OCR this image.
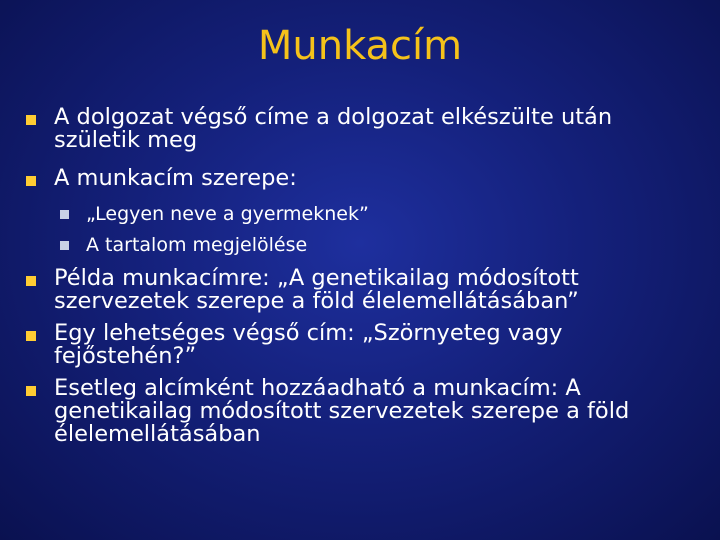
Munkacím
A dolgozat végső címe a dolgozat elkészülte után születik meg
A munkacím szerepe:
„Legyen neve a gyermeknek”
A tartalom megjelölése
Példa munkacímre: „A genetikailag módosított szervezetek szerepe a föld élelemellátásában”
Egy lehetséges végső cím: „Szörnyeteg vagy fejőstehén?”
Esetleg alcímként hozzáadható a munkacím: A genetikailag módosított szervezetek szerepe a föld élelemellátásában
